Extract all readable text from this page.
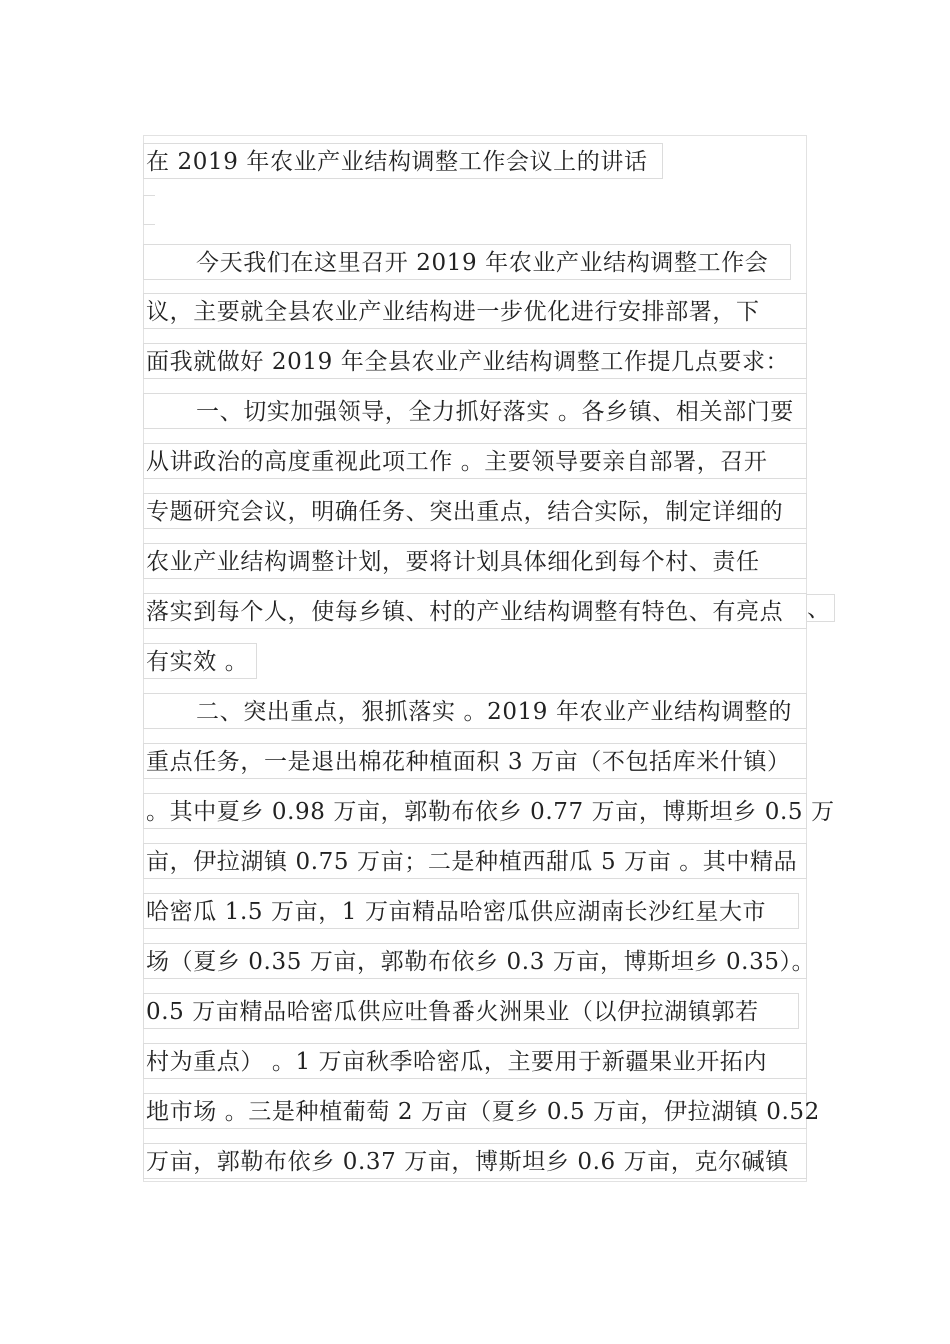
在 2019 年农业产业结构调整工作会议上的讲话
今天我们在这里召开 2019 年农业产业结构调整工作会
议，主要就全县农业产业结构进一步优化进行安排部署，下
面我就做好 2019 年全县农业产业结构调整工作提几点要求：
一、切实加强领导，全力抓好落实 。各乡镇、相关部门要
从讲政治的高度重视此项工作 。主要领导要亲自部署，召开
专题研究会议，明确任务、突出重点，结合实际，制定详细的
农业产业结构调整计划，要将计划具体细化到每个村、责任
落实到每个人，使每乡镇、村的产业结构调整有特色、有亮点	、
有实效 。
二、突出重点，狠抓落实 。2019 年农业产业结构调整的
重点任务，一是退出棉花种植面积 3 万亩（不包括库米什镇）
。其中夏乡 0.98 万亩，郭勒布依乡 0.77 万亩，博斯坦乡 0.5 万
亩，伊拉湖镇 0.75 万亩；二是种植西甜瓜 5 万亩 。其中精品
哈密瓜 1.5 万亩，1 万亩精品哈密瓜供应湖南长沙红星大市
场（夏乡 0.35 万亩，郭勒布依乡 0.3 万亩，博斯坦乡 0.35）。
0.5 万亩精品哈密瓜供应吐鲁番火洲果业（以伊拉湖镇郭若
村为重点） 。1 万亩秋季哈密瓜，主要用于新疆果业开拓内
地市场 。三是种植葡萄 2 万亩（夏乡 0.5 万亩，伊拉湖镇 0.52
万亩，郭勒布依乡 0.37 万亩，博斯坦乡 0.6 万亩，克尔碱镇
